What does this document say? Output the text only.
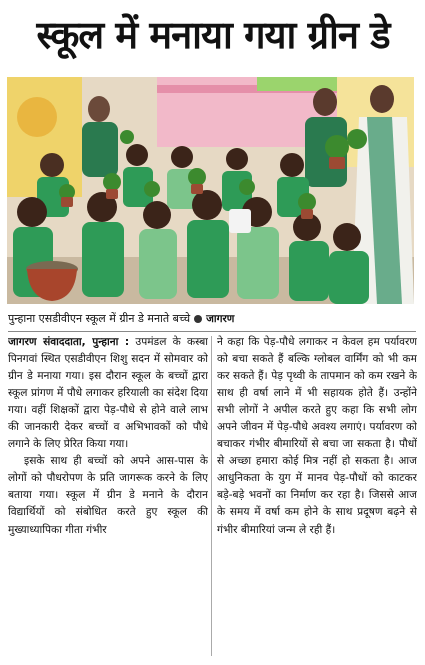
स्कूल में मनाया गया ग्रीन डे
पुन्हाना एसडीवीएन स्कूल में ग्रीन डे मनाते बच्चे जागरण

जागरण संवाददाता, पुन्हाना : उपमंडल के कस्बा पिनगवां स्थित एसडीवीएन शिशु सदन में सोमवार को ग्रीन डे मनाया गया। इस दौरान स्कूल के बच्चों द्वारा स्कूल प्रांगण में पौधे लगाकर हरियाली का संदेश दिया गया। वहीं शिक्षकों द्वारा पेड़-पौधे से होने वाले लाभ की जानकारी देकर बच्चों व अभिभावकों को पौधे लगाने के लिए प्रेरित किया गया।

इसके साथ ही बच्चों को अपने आस-पास के लोगों को पौधरोपण के प्रति जागरूक करने के लिए बताया गया। स्कूल में ग्रीन डे मनाने के दौरान विद्यार्थियों को संबोधित करते हुए स्कूल की मुख्याध्यापिका गीता गंभीर

ने कहा कि पेड़-पौधे लगाकर न केवल हम पर्यावरण को बचा सकते हैं बल्कि ग्लोबल वार्मिंग को भी कम कर सकते हैं। पेड़ पृथ्वी के तापमान को कम रखने के साथ ही वर्षा लाने में भी सहायक होते हैं। उन्होंने सभी लोगों ने अपील करते हुए कहा कि सभी लोग अपने जीवन में पेड़-पौधे अवश्य लगाएं। पर्यावरण को बचाकर गंभीर बीमारियों से बचा जा सकता है। पौधों से अच्छा हमारा कोई मित्र नहीं हो सकता है। आज आधुनिकता के युग में मानव पेड़-पौधों को काटकर बड़े-बड़े भवनों का निर्माण कर रहा है। जिससे आज के समय में वर्षा कम होने के साथ प्रदूषण बढ़ने से गंभीर बीमारियां जन्म ले रही हैं।
